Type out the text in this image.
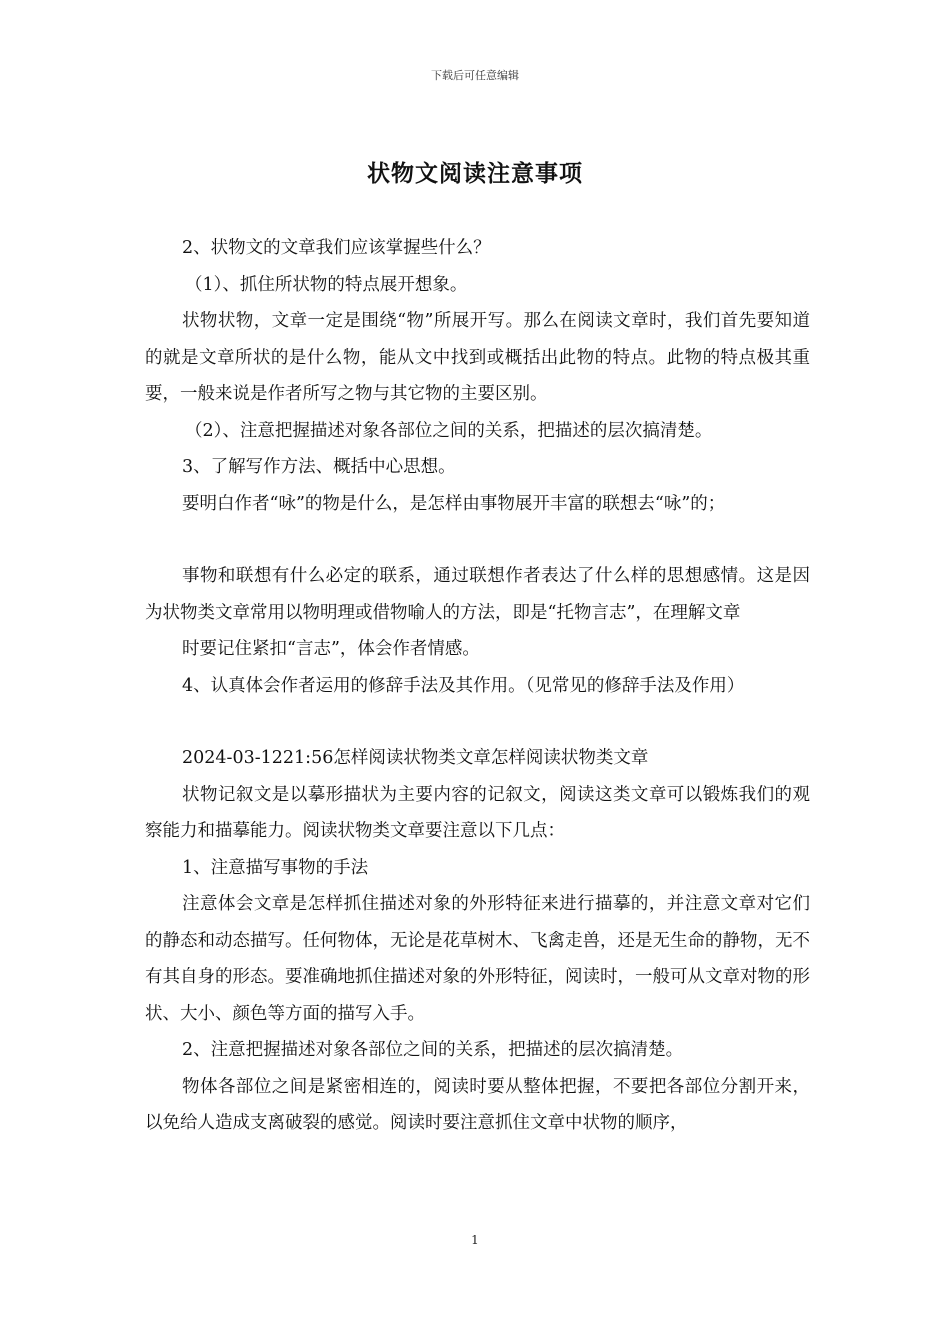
下载后可任意编辑
状物文阅读注意事项

2、状物文的文章我们应该掌握些什么？

（1）、抓住所状物的特点展开想象。

状物状物，文章一定是围绕“物”所展开写。那么在阅读文章时，我们首先要知道的就是文章所状的是什么物，能从文中找到或概括出此物的特点。此物的特点极其重要，一般来说是作者所写之物与其它物的主要区别。

（2）、注意把握描述对象各部位之间的关系，把描述的层次搞清楚。

3、了解写作方法、概括中心思想。

要明白作者“咏”的物是什么，是怎样由事物展开丰富的联想去“咏”的；

事物和联想有什么必定的联系，通过联想作者表达了什么样的思想感情。这是因为状物类文章常用以物明理或借物喻人的方法，即是“托物言志”，在理解文章

时要记住紧扣“言志”，体会作者情感。

4、认真体会作者运用的修辞手法及其作用。（见常见的修辞手法及作用）

2024-03-1221:56怎样阅读状物类文章怎样阅读状物类文章

状物记叙文是以摹形描状为主要内容的记叙文，阅读这类文章可以锻炼我们的观察能力和描摹能力。阅读状物类文章要注意以下几点：

1、注意描写事物的手法

注意体会文章是怎样抓住描述对象的外形特征来进行描摹的，并注意文章对它们的静态和动态描写。任何物体，无论是花草树木、飞禽走兽，还是无生命的静物，无不有其自身的形态。要准确地抓住描述对象的外形特征，阅读时，一般可从文章对物的形状、大小、颜色等方面的描写入手。

2、注意把握描述对象各部位之间的关系，把描述的层次搞清楚。

物体各部位之间是紧密相连的，阅读时要从整体把握，不要把各部位分割开来，以免给人造成支离破裂的感觉。阅读时要注意抓住文章中状物的顺序，

1
